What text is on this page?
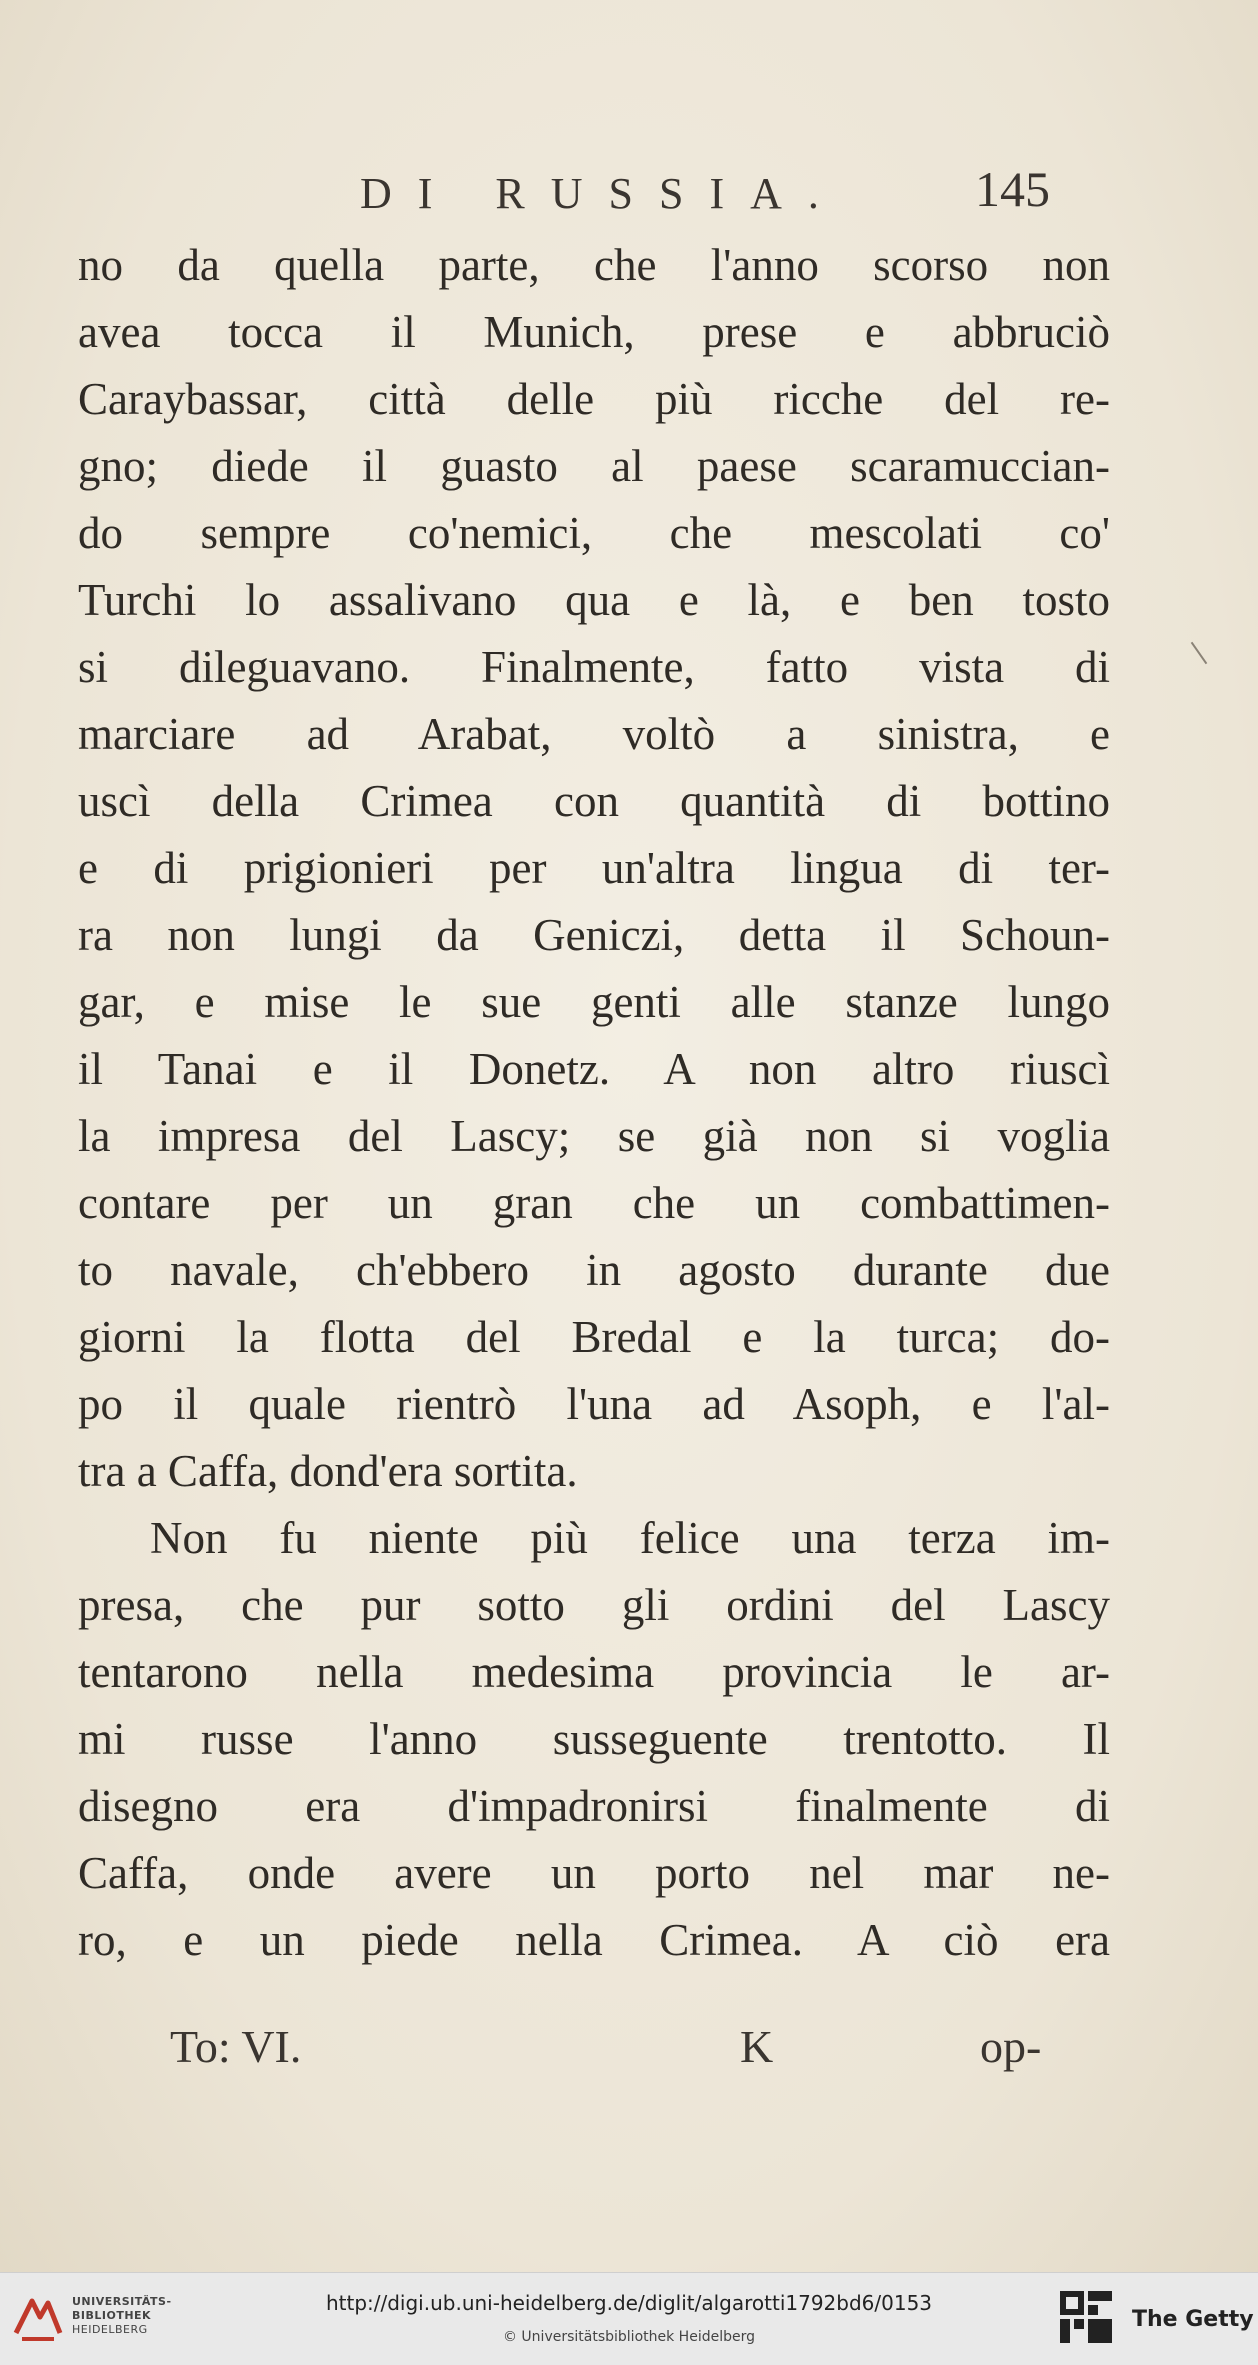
DI RUSSIA.	145
no da quella parte, che l'anno scorso non
avea tocca il Munich, prese e abbruciò
Caraybassar, città delle più ricche del re-
gno; diede il guasto al paese scaramuccian-
do sempre co'nemici, che mescolati co'
Turchi lo assalivano qua e là, e ben tosto
si dileguavano. Finalmente, fatto vista di
marciare ad Arabat, voltò a sinistra, e
uscì della Crimea con quantità di bottino
e di prigionieri per un'altra lingua di ter-
ra non lungi da Geniczi, detta il Schoun-
gar, e mise le sue genti alle stanze lungo
il Tanai e il Donetz. A non altro riuscì
la impresa del Lascy; se già non si voglia
contare per un gran che un combattimen-
to navale, ch'ebbero in agosto durante due
giorni la flotta del Bredal e la turca; do-
po il quale rientrò l'una ad Asoph, e l'al-
tra a Caffa, dond'era sortita.
Non fu niente più felice una terza im-
presa, che pur sotto gli ordini del Lascy
tentarono nella medesima provincia le ar-
mi russe l'anno susseguente trentotto. Il
disegno era d'impadronirsi finalmente di
Caffa, onde avere un porto nel mar ne-
ro, e un piede nella Crimea. A ciò era
To: VI.	K	op-
UNIVERSITÄTS-
BIBLIOTHEK
HEIDELBERG
http://digi.ub.uni-heidelberg.de/diglit/algarotti1792bd6/0153
© Universitätsbibliothek Heidelberg
The Getty
